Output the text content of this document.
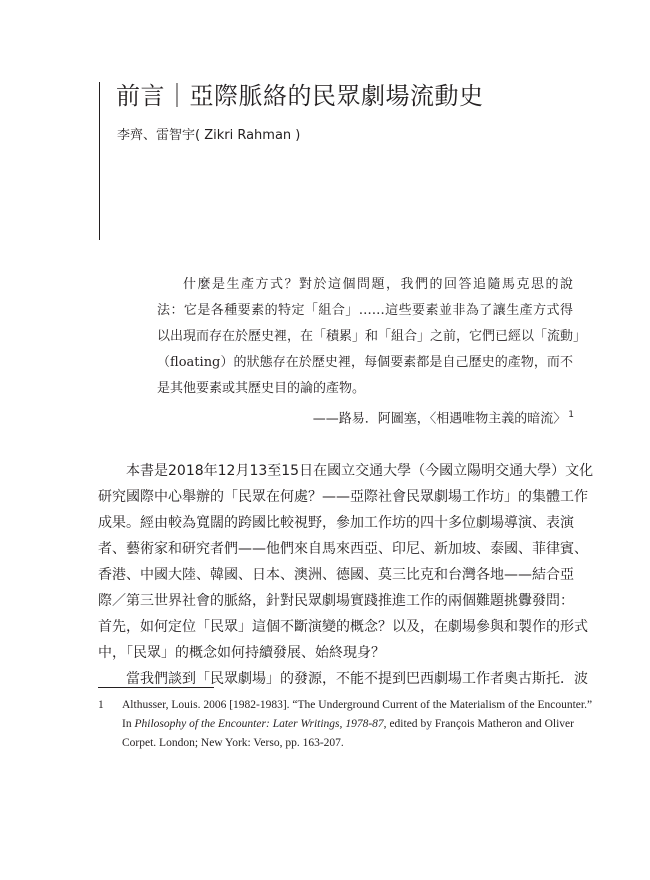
前言｜亞際脈絡的民眾劇場流動史
李齊、雷智宇( Zikri Rahman )
什麼是生產方式？對於這個問題，我們的回答追隨馬克思的說
法：它是各種要素的特定「組合」……這些要素並非為了讓生產方式得
以出現而存在於歷史裡，在「積累」和「組合」之前，它們已經以「流動」
（floating）的狀態存在於歷史裡，每個要素都是自己歷史的產物，而不
是其他要素或其歷史目的論的產物。
——路易．阿圖塞，〈相遇唯物主義的暗流〉 $^1$
本書是2018年12月13至15日在國立交通大學（今國立陽明交通大學）文化
研究國際中心舉辦的「民眾在何處？——亞際社會民眾劇場工作坊」的集體工作
成果。經由較為寬闊的跨國比較視野，參加工作坊的四十多位劇場導演、表演
者、藝術家和研究者們——他們來自馬來西亞、印尼、新加坡、泰國、菲律賓、
香港、中國大陸、韓國、日本、澳洲、德國、莫三比克和台灣各地——結合亞
際／第三世界社會的脈絡，針對民眾劇場實踐推進工作的兩個難題挑釁發問：
首先，如何定位「民眾」這個不斷演變的概念？以及，在劇場參與和製作的形式
中，「民眾」的概念如何持續發展、始終現身？
當我們談到「民眾劇場」的發源，不能不提到巴西劇場工作者奧古斯托．波
1	Althusser, Louis. 2006 [1982-1983]. “The Underground Current of the Materialism of the Encounter.”
In Philosophy of the Encounter: Later Writings, 1978-87, edited by François Matheron and Oliver
Corpet. London; New York: Verso, pp. 163-207.
